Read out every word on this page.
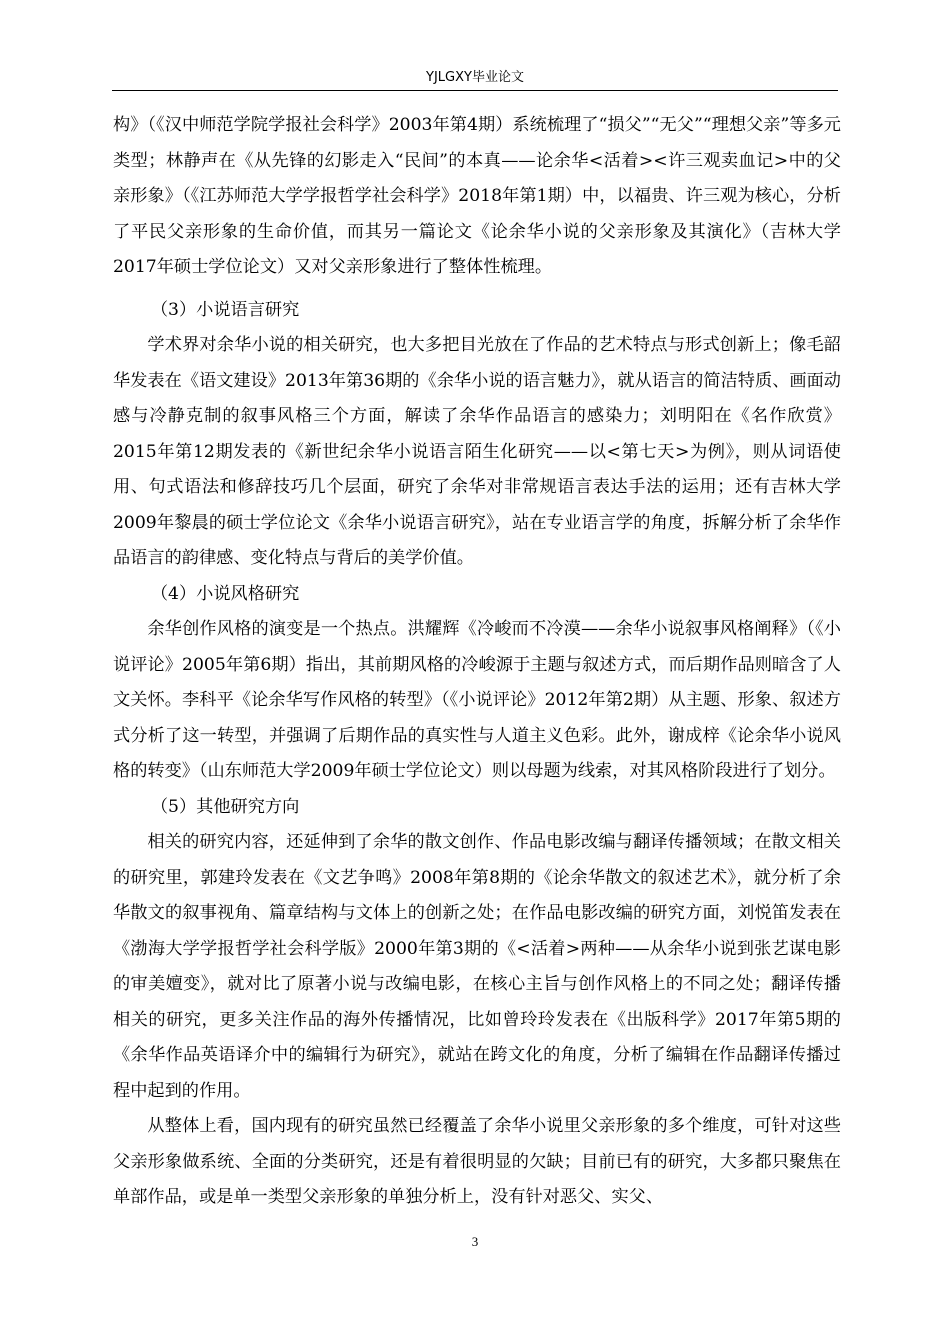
YJLGXY毕业论文

构》（《汉中师范学院学报社会科学》2003年第4期）系统梳理了“损父”“无父”“理想父亲”等多元类型；林静声在《从先锋的幻影走入“民间”的本真——论余华<活着><许三观卖血记>中的父亲形象》（《江苏师范大学学报哲学社会科学》2018年第1期）中，以福贵、许三观为核心，分析了平民父亲形象的生命价值，而其另一篇论文《论余华小说的父亲形象及其演化》（吉林大学2017年硕士学位论文）又对父亲形象进行了整体性梳理。

（3）小说语言研究

学术界对余华小说的相关研究，也大多把目光放在了作品的艺术特点与形式创新上；像毛韶华发表在《语文建设》2013年第36期的《余华小说的语言魅力》，就从语言的简洁特质、画面动感与冷静克制的叙事风格三个方面，解读了余华作品语言的感染力；刘明阳在《名作欣赏》2015年第12期发表的《新世纪余华小说语言陌生化研究——以<第七天>为例》，则从词语使用、句式语法和修辞技巧几个层面，研究了余华对非常规语言表达手法的运用；还有吉林大学2009年黎晨的硕士学位论文《余华小说语言研究》，站在专业语言学的角度，拆解分析了余华作品语言的韵律感、变化特点与背后的美学价值。

（4）小说风格研究

余华创作风格的演变是一个热点。洪耀辉《冷峻而不冷漠——余华小说叙事风格阐释》（《小说评论》2005年第6期）指出，其前期风格的冷峻源于主题与叙述方式，而后期作品则暗含了人文关怀。李科平《论余华写作风格的转型》（《小说评论》2012年第2期）从主题、形象、叙述方式分析了这一转型，并强调了后期作品的真实性与人道主义色彩。此外，谢成梓《论余华小说风格的转变》（山东师范大学2009年硕士学位论文）则以母题为线索，对其风格阶段进行了划分。

（5）其他研究方向

相关的研究内容，还延伸到了余华的散文创作、作品电影改编与翻译传播领域；在散文相关的研究里，郭建玲发表在《文艺争鸣》2008年第8期的《论余华散文的叙述艺术》，就分析了余华散文的叙事视角、篇章结构与文体上的创新之处；在作品电影改编的研究方面，刘悦笛发表在《渤海大学学报哲学社会科学版》2000年第3期的《<活着>两种——从余华小说到张艺谋电影的审美嬗变》，就对比了原著小说与改编电影，在核心主旨与创作风格上的不同之处；翻译传播相关的研究，更多关注作品的海外传播情况，比如曾玲玲发表在《出版科学》2017年第5期的《余华作品英语译介中的编辑行为研究》，就站在跨文化的角度，分析了编辑在作品翻译传播过程中起到的作用。

从整体上看，国内现有的研究虽然已经覆盖了余华小说里父亲形象的多个维度，可针对这些父亲形象做系统、全面的分类研究，还是有着很明显的欠缺；目前已有的研究，大多都只聚焦在单部作品，或是单一类型父亲形象的单独分析上，没有针对恶父、实父、

3
